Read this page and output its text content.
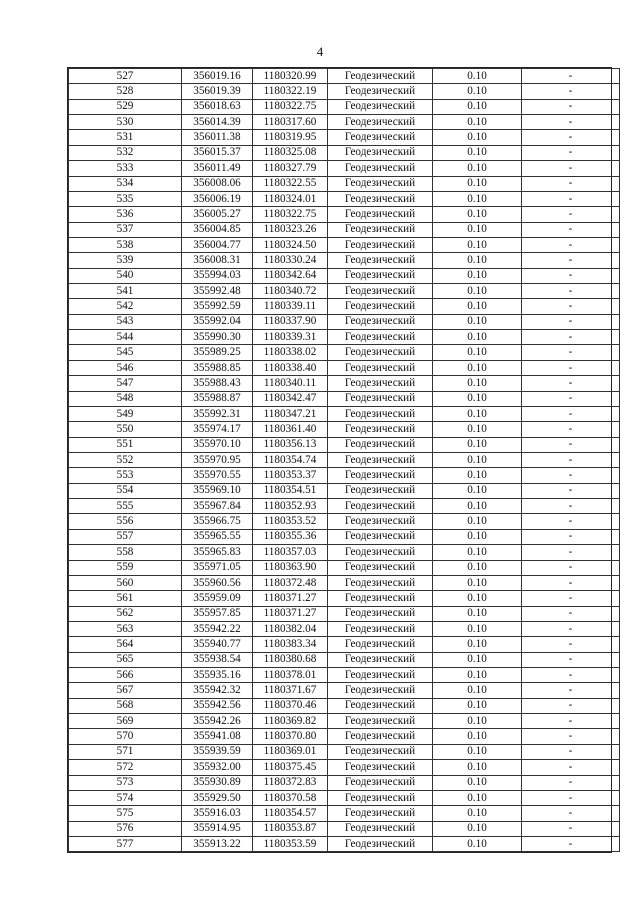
4
527	356019.16	1180320.99	Геодезический	0.10	-
528	356019.39	1180322.19	Геодезический	0.10	-
529	356018.63	1180322.75	Геодезический	0.10	-
530	356014.39	1180317.60	Геодезический	0.10	-
531	356011.38	1180319.95	Геодезический	0.10	-
532	356015.37	1180325.08	Геодезический	0.10	-
533	356011.49	1180327.79	Геодезический	0.10	-
534	356008.06	1180322.55	Геодезический	0.10	-
535	356006.19	1180324.01	Геодезический	0.10	-
536	356005.27	1180322.75	Геодезический	0.10	-
537	356004.85	1180323.26	Геодезический	0.10	-
538	356004.77	1180324.50	Геодезический	0.10	-
539	356008.31	1180330.24	Геодезический	0.10	-
540	355994.03	1180342.64	Геодезический	0.10	-
541	355992.48	1180340.72	Геодезический	0.10	-
542	355992.59	1180339.11	Геодезический	0.10	-
543	355992.04	1180337.90	Геодезический	0.10	-
544	355990.30	1180339.31	Геодезический	0.10	-
545	355989.25	1180338.02	Геодезический	0.10	-
546	355988.85	1180338.40	Геодезический	0.10	-
547	355988.43	1180340.11	Геодезический	0.10	-
548	355988.87	1180342.47	Геодезический	0.10	-
549	355992.31	1180347.21	Геодезический	0.10	-
550	355974.17	1180361.40	Геодезический	0.10	-
551	355970.10	1180356.13	Геодезический	0.10	-
552	355970.95	1180354.74	Геодезический	0.10	-
553	355970.55	1180353.37	Геодезический	0.10	-
554	355969.10	1180354.51	Геодезический	0.10	-
555	355967.84	1180352.93	Геодезический	0.10	-
556	355966.75	1180353.52	Геодезический	0.10	-
557	355965.55	1180355.36	Геодезический	0.10	-
558	355965.83	1180357.03	Геодезический	0.10	-
559	355971.05	1180363.90	Геодезический	0.10	-
560	355960.56	1180372.48	Геодезический	0.10	-
561	355959.09	1180371.27	Геодезический	0.10	-
562	355957.85	1180371.27	Геодезический	0.10	-
563	355942.22	1180382.04	Геодезический	0.10	-
564	355940.77	1180383.34	Геодезический	0.10	-
565	355938.54	1180380.68	Геодезический	0.10	-
566	355935.16	1180378.01	Геодезический	0.10	-
567	355942.32	1180371.67	Геодезический	0.10	-
568	355942.56	1180370.46	Геодезический	0.10	-
569	355942.26	1180369.82	Геодезический	0.10	-
570	355941.08	1180370.80	Геодезический	0.10	-
571	355939.59	1180369.01	Геодезический	0.10	-
572	355932.00	1180375.45	Геодезический	0.10	-
573	355930.89	1180372.83	Геодезический	0.10	-
574	355929.50	1180370.58	Геодезический	0.10	-
575	355916.03	1180354.57	Геодезический	0.10	-
576	355914.95	1180353.87	Геодезический	0.10	-
577	355913.22	1180353.59	Геодезический	0.10	-
